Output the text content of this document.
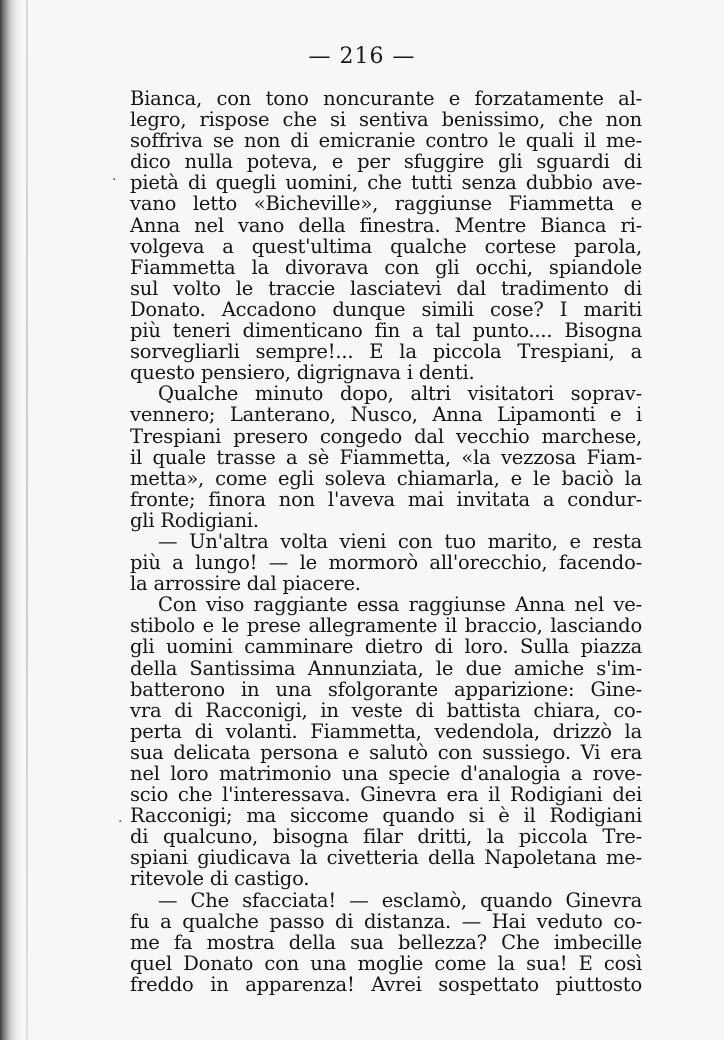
— 216 —
Bianca, con tono noncurante e forzatamente al-
legro, rispose che si sentiva benissimo, che non
soffriva se non di emicranie contro le quali il me-
dico nulla poteva, e per sfuggire gli sguardi di
pietà di quegli uomini, che tutti senza dubbio ave-
vano letto «Bicheville», raggiunse Fiammetta e
Anna nel vano della finestra. Mentre Bianca ri-
volgeva a quest'ultima qualche cortese parola,
Fiammetta la divorava con gli occhi, spiandole
sul volto le traccie lasciatevi dal tradimento di
Donato. Accadono dunque simili cose? I mariti
più teneri dimenticano fin a tal punto.... Bisogna
sorvegliarli sempre!... E la piccola Trespiani, a
questo pensiero, digrignava i denti.
Qualche minuto dopo, altri visitatori soprav-
vennero; Lanterano, Nusco, Anna Lipamonti e i
Trespiani presero congedo dal vecchio marchese,
il quale trasse a sè Fiammetta, «la vezzosa Fiam-
metta», come egli soleva chiamarla, e le baciò la
fronte; finora non l'aveva mai invitata a condur-
gli Rodigiani.
— Un'altra volta vieni con tuo marito, e resta
più a lungo! — le mormorò all'orecchio, facendo-
la arrossire dal piacere.
Con viso raggiante essa raggiunse Anna nel ve-
stibolo e le prese allegramente il braccio, lasciando
gli uomini camminare dietro di loro. Sulla piazza
della Santissima Annunziata, le due amiche s'im-
batterono in una sfolgorante apparizione: Gine-
vra di Racconigi, in veste di battista chiara, co-
perta di volanti. Fiammetta, vedendola, drizzò la
sua delicata persona e salutò con sussiego. Vi era
nel loro matrimonio una specie d'analogia a rove-
scio che l'interessava. Ginevra era il Rodigiani dei
Racconigi; ma siccome quando si è il Rodigiani
di qualcuno, bisogna filar dritti, la piccola Tre-
spiani giudicava la civetteria della Napoletana me-
ritevole di castigo.
— Che sfacciata! — esclamò, quando Ginevra
fu a qualche passo di distanza. — Hai veduto co-
me fa mostra della sua bellezza? Che imbecille
quel Donato con una moglie come la sua! E così
freddo in apparenza! Avrei sospettato piuttosto
·
·
